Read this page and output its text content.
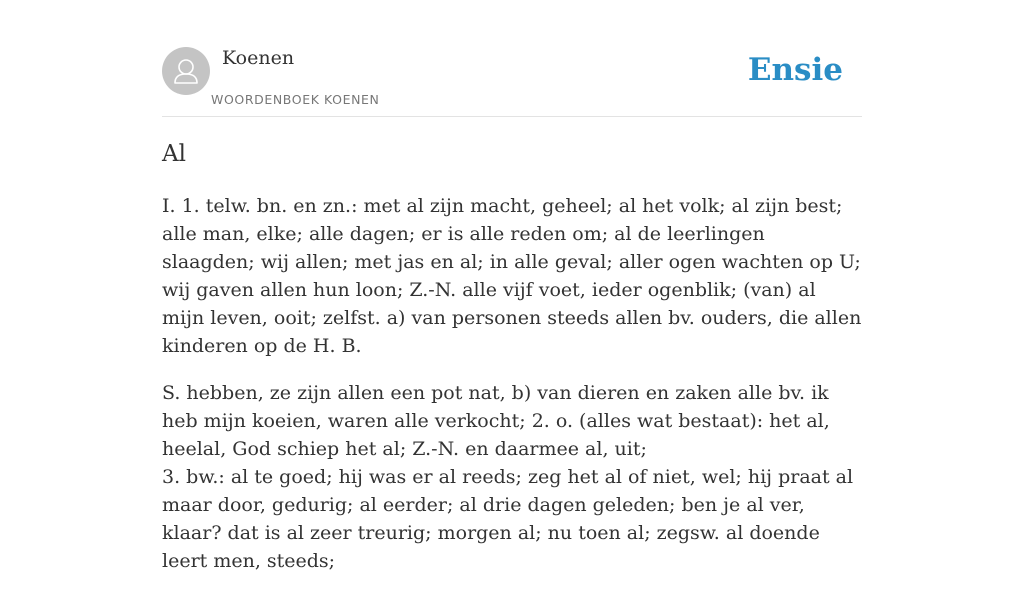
Koenen
WOORDENBOEK KOENEN
Ensie
Al

I. 1. telw. bn. en zn.: met al zijn macht, geheel; al het volk; al zijn best; alle man, elke; alle dagen; er is alle reden om; al de leerlingen slaagden; wij allen; met jas en al; in alle geval; aller ogen wachten op U; wij gaven allen hun loon; Z.-N. alle vijf voet, ieder ogenblik; (van) al mijn leven, ooit; zelfst. a) van personen steeds allen bv. ouders, die allen kinderen op de H. B.

S. hebben, ze zijn allen een pot nat, b) van dieren en zaken alle bv. ik heb mijn koeien, waren alle verkocht; 2. o. (alles wat bestaat): het al, heelal, God schiep het al; Z.-N. en daarmee al, uit;
3. bw.: al te goed; hij was er al reeds; zeg het al of niet, wel; hij praat al maar door, gedurig; al eerder; al drie dagen geleden; ben je al ver, klaar? dat is al zeer treurig; morgen al; nu toen al; zegsw. al doende leert men, steeds;
